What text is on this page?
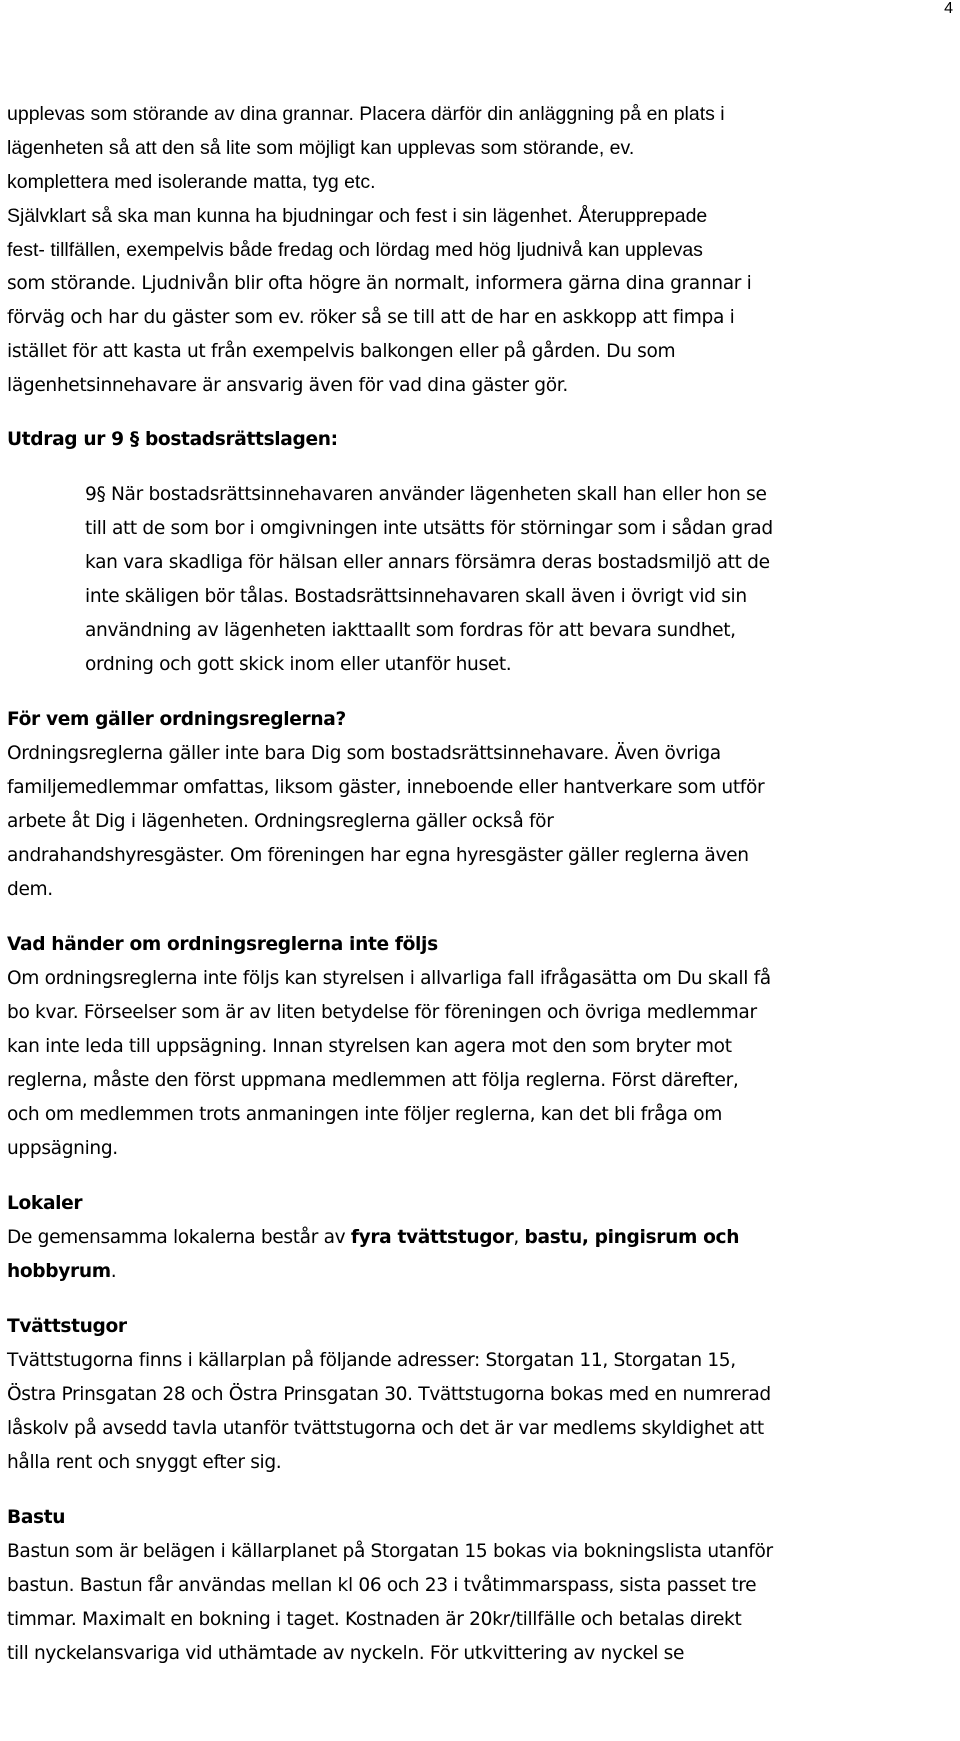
4
upplevas som störande av dina grannar. Placera därför din anläggning på en plats i
lägenheten så att den så lite som möjligt kan upplevas som störande, ev.
komplettera med isolerande matta, tyg etc.
Självklart så ska man kunna ha bjudningar och fest i sin lägenhet. Återupprepade
fest- tillfällen, exempelvis både fredag och lördag med hög ljudnivå kan upplevas
som störande. Ljudnivån blir ofta högre än normalt, informera gärna dina grannar i
förväg och har du gäster som ev. röker så se till att de har en askkopp att fimpa i
istället för att kasta ut från exempelvis balkongen eller på gården. Du som
lägenhetsinnehavare är ansvarig även för vad dina gäster gör.
Utdrag ur 9 § bostadsrättslagen:
9§ När bostadsrättsinnehavaren använder lägenheten skall han eller hon se
till att de som bor i omgivningen inte utsätts för störningar som i sådan grad
kan vara skadliga för hälsan eller annars försämra deras bostadsmiljö att de
inte skäligen bör tålas. Bostadsrättsinnehavaren skall även i övrigt vid sin
användning av lägenheten iakttaallt som fordras för att bevara sundhet,
ordning och gott skick inom eller utanför huset.
För vem gäller ordningsreglerna?
Ordningsreglerna gäller inte bara Dig som bostadsrättsinnehavare. Även övriga
familjemedlemmar omfattas, liksom gäster, inneboende eller hantverkare som utför
arbete åt Dig i lägenheten. Ordningsreglerna gäller också för
andrahandshyresgäster. Om föreningen har egna hyresgäster gäller reglerna även
dem.
Vad händer om ordningsreglerna inte följs
Om ordningsreglerna inte följs kan styrelsen i allvarliga fall ifrågasätta om Du skall få
bo kvar. Förseelser som är av liten betydelse för föreningen och övriga medlemmar
kan inte leda till uppsägning. Innan styrelsen kan agera mot den som bryter mot
reglerna, måste den först uppmana medlemmen att följa reglerna. Först därefter,
och om medlemmen trots anmaningen inte följer reglerna, kan det bli fråga om
uppsägning.
Lokaler
De gemensamma lokalerna består av fyra tvättstugor, bastu, pingisrum och
hobbyrum.
Tvättstugor
Tvättstugorna finns i källarplan på följande adresser: Storgatan 11, Storgatan 15,
Östra Prinsgatan 28 och Östra Prinsgatan 30. Tvättstugorna bokas med en numrerad
låskolv på avsedd tavla utanför tvättstugorna och det är var medlems skyldighet att
hålla rent och snyggt efter sig.
Bastu
Bastun som är belägen i källarplanet på Storgatan 15 bokas via bokningslista utanför
bastun. Bastun får användas mellan kl 06 och 23 i tvåtimmarspass, sista passet tre
timmar. Maximalt en bokning i taget. Kostnaden är 20kr/tillfälle och betalas direkt
till nyckelansvariga vid uthämtade av nyckeln. För utkvittering av nyckel se
